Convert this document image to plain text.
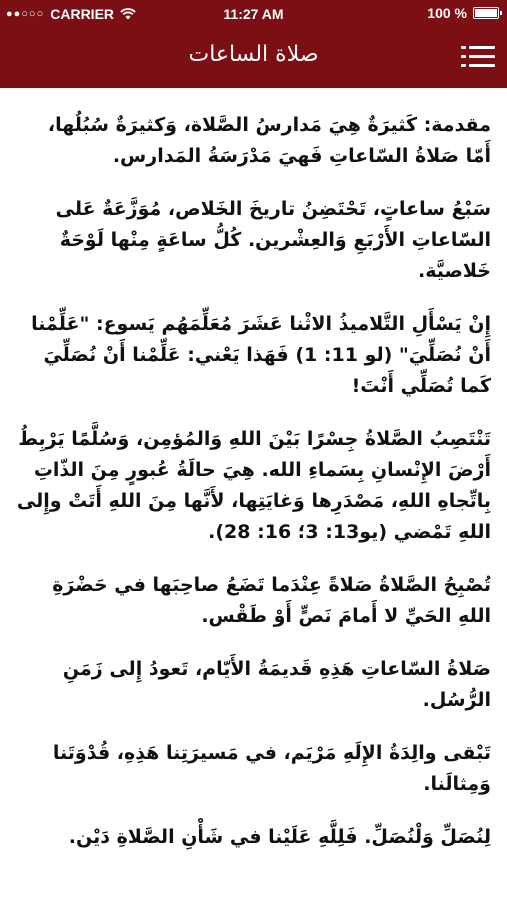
●●○○○ CARRIER	11:27 AM	100 %
صلاة الساعات

مقدمة: كَثيرَةٌ هِيَ مَدارسُ الصَّلاة، وَكثيرَةٌ سُبُلُها، أَمّا صَلاةُ السّاعاتِ فَهيَ مَدْرَسَةُ المَدارس.

سَبْعُ ساعاتٍ، تَحْتَضِنُ تاريخَ الخَلاص، مُوَزَّعَةٌ عَلى السّاعاتِ الأَرْبَعِ وَالعِشْرين. كُلُّ ساعَةٍ مِنْها لَوْحَةٌ خَلاصيَّة.

إِنْ يَسْأَلِ التَّلاميذُ الاثْنا عَشَرَ مُعَلِّمَهُم يَسوع: "عَلِّمْنا أَنْ نُصَلِّيَ" (لو 11: 1) فَهَذا يَعْني: عَلِّمْنا أَنْ نُصَلِّيَ كَما تُصَلِّي أَنْتَ!

تَنْتَصِبُ الصَّلاةُ جِسْرًا بَيْنَ اللهِ وَالمُؤمِن، وَسُلَّمًا يَرْبِطُ أَرْضَ الإِنْسانِ بِسَماءِ الله. هِيَ حالَةُ عُبورٍ مِنَ الذّاتِ بِاتِّجاهِ اللهِ، مَصْدَرِها وَغايَتِها، لأَنَّها مِنَ اللهِ أَتَتْ وإِلى اللهِ تَمْضي (يو13: 3؛ 16: 28).

تُصْبِحُ الصَّلاةُ صَلاةً عِنْدَما تَضَعُ صاحِبَها في حَضْرَةِ اللهِ الحَيِّ لا أَمامَ نَصٍّ أَوْ طَقْس.

صَلاةُ السّاعاتِ هَذِهِ قَديمَةُ الأَيّام، تَعودُ إِلى زَمَنِ الرُّسُل.

تَبْقى والِدَةُ الإِلَهِ مَرْيَم، في مَسيرَتِنا هَذِهِ، قُدْوَتَنا وَمِثالَنا.

لِنُصَلِّ وَلْنُصَلِّ. فَلِلَّهِ عَلَيْنا في شَأْنِ الصَّلاةِ دَيْن.
